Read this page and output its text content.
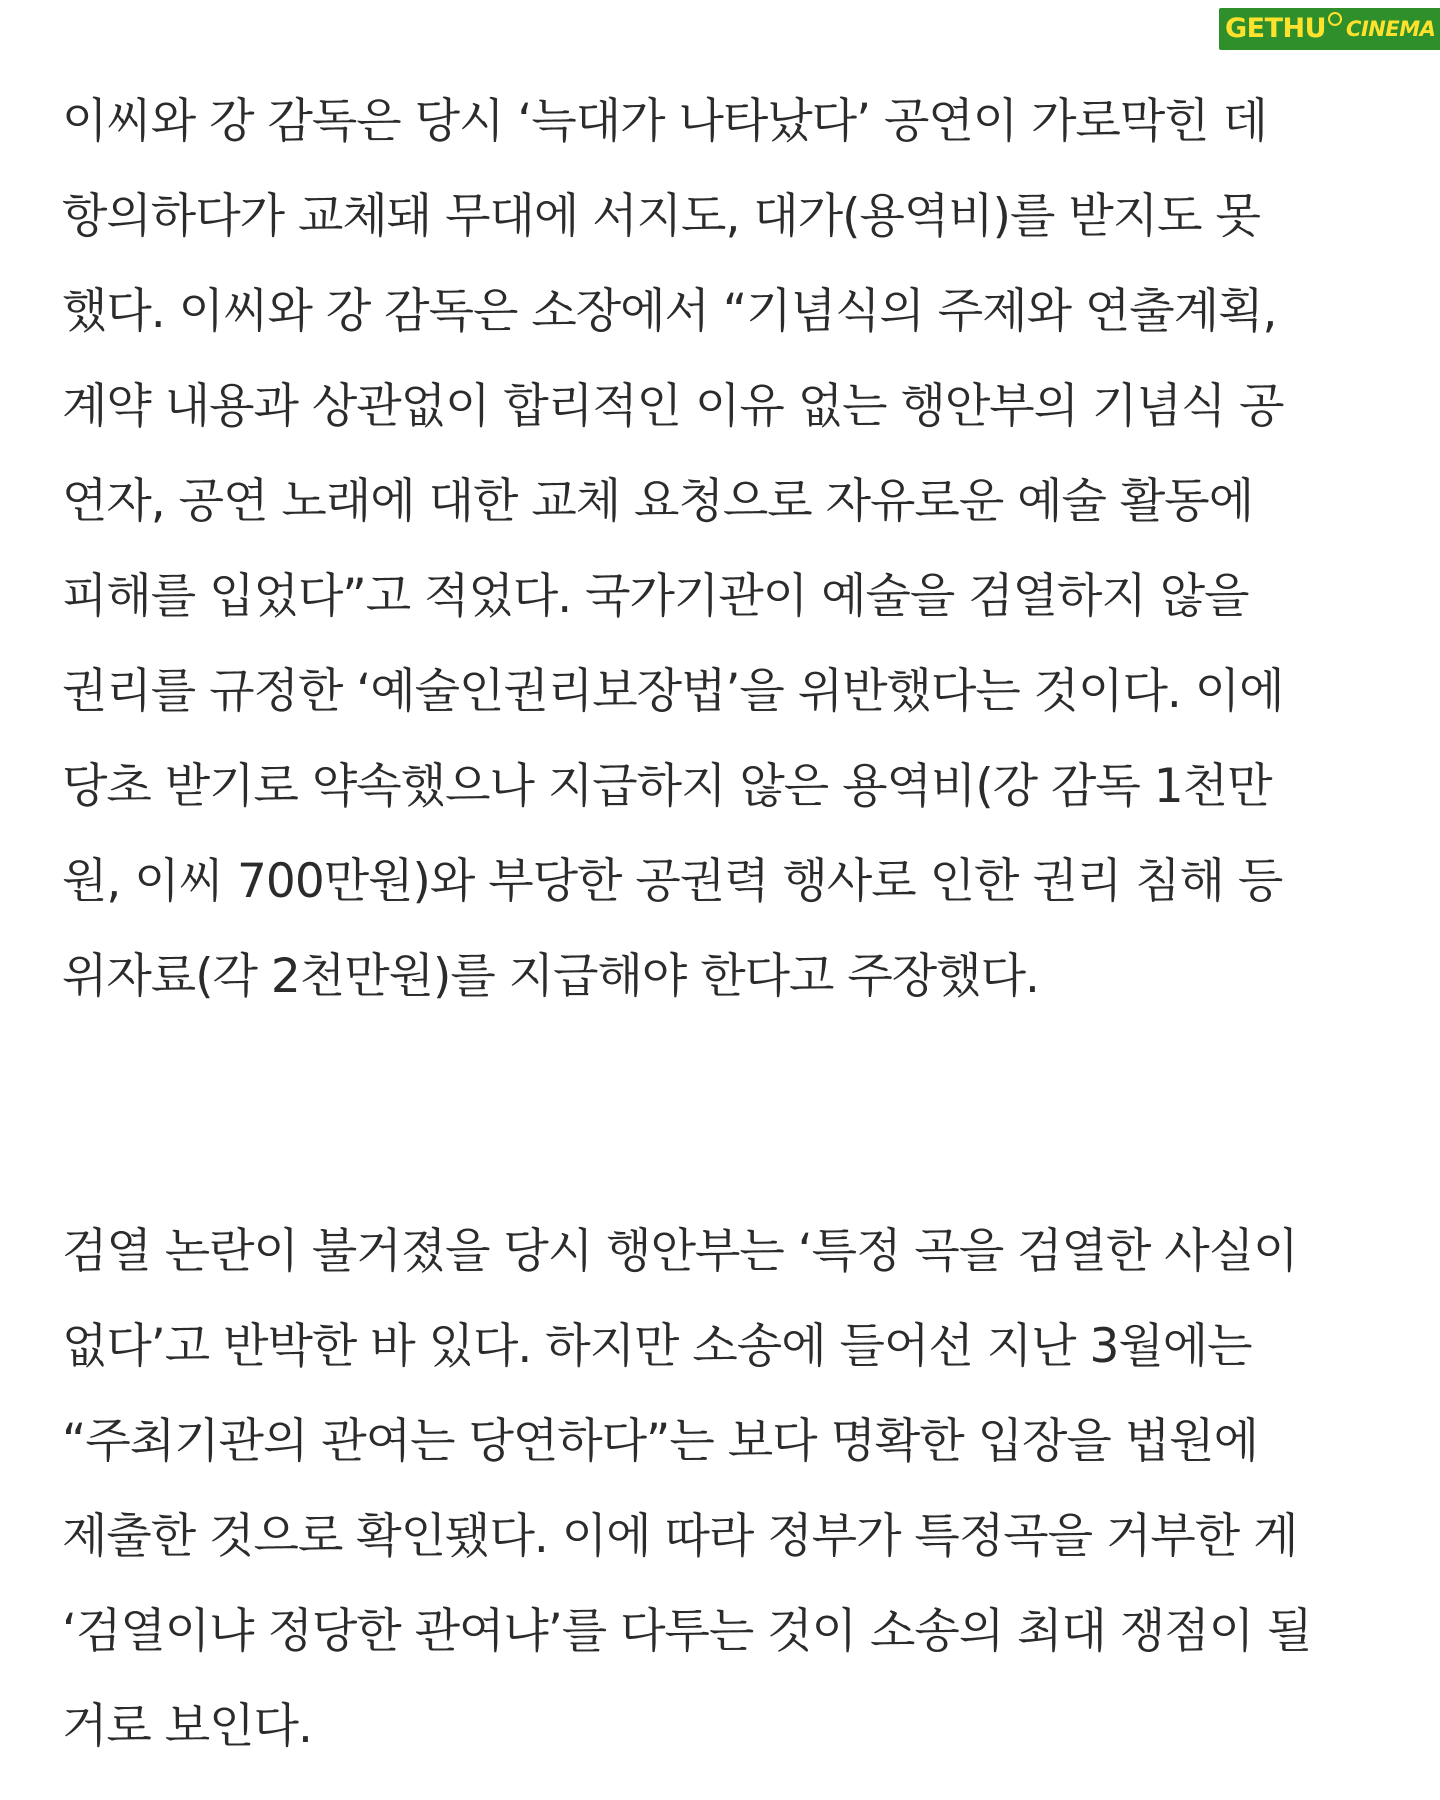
GETHU CINEMA
이씨와 강 감독은 당시 ‘늑대가 나타났다’ 공연이 가로막힌 데
항의하다가 교체돼 무대에 서지도, 대가(용역비)를 받지도 못
했다. 이씨와 강 감독은 소장에서 “기념식의 주제와 연출계획,
계약 내용과 상관없이 합리적인 이유 없는 행안부의 기념식 공
연자, 공연 노래에 대한 교체 요청으로 자유로운 예술 활동에
피해를 입었다”고 적었다. 국가기관이 예술을 검열하지 않을
권리를 규정한 ‘예술인권리보장법’을 위반했다는 것이다. 이에
당초 받기로 약속했으나 지급하지 않은 용역비(강 감독 1천만
원, 이씨 700만원)와 부당한 공권력 행사로 인한 권리 침해 등
위자료(각 2천만원)를 지급해야 한다고 주장했다.
검열 논란이 불거졌을 당시 행안부는 ‘특정 곡을 검열한 사실이
없다’고 반박한 바 있다. 하지만 소송에 들어선 지난 3월에는
“주최기관의 관여는 당연하다”는 보다 명확한 입장을 법원에
제출한 것으로 확인됐다. 이에 따라 정부가 특정곡을 거부한 게
‘검열이냐 정당한 관여냐’를 다투는 것이 소송의 최대 쟁점이 될
거로 보인다.
